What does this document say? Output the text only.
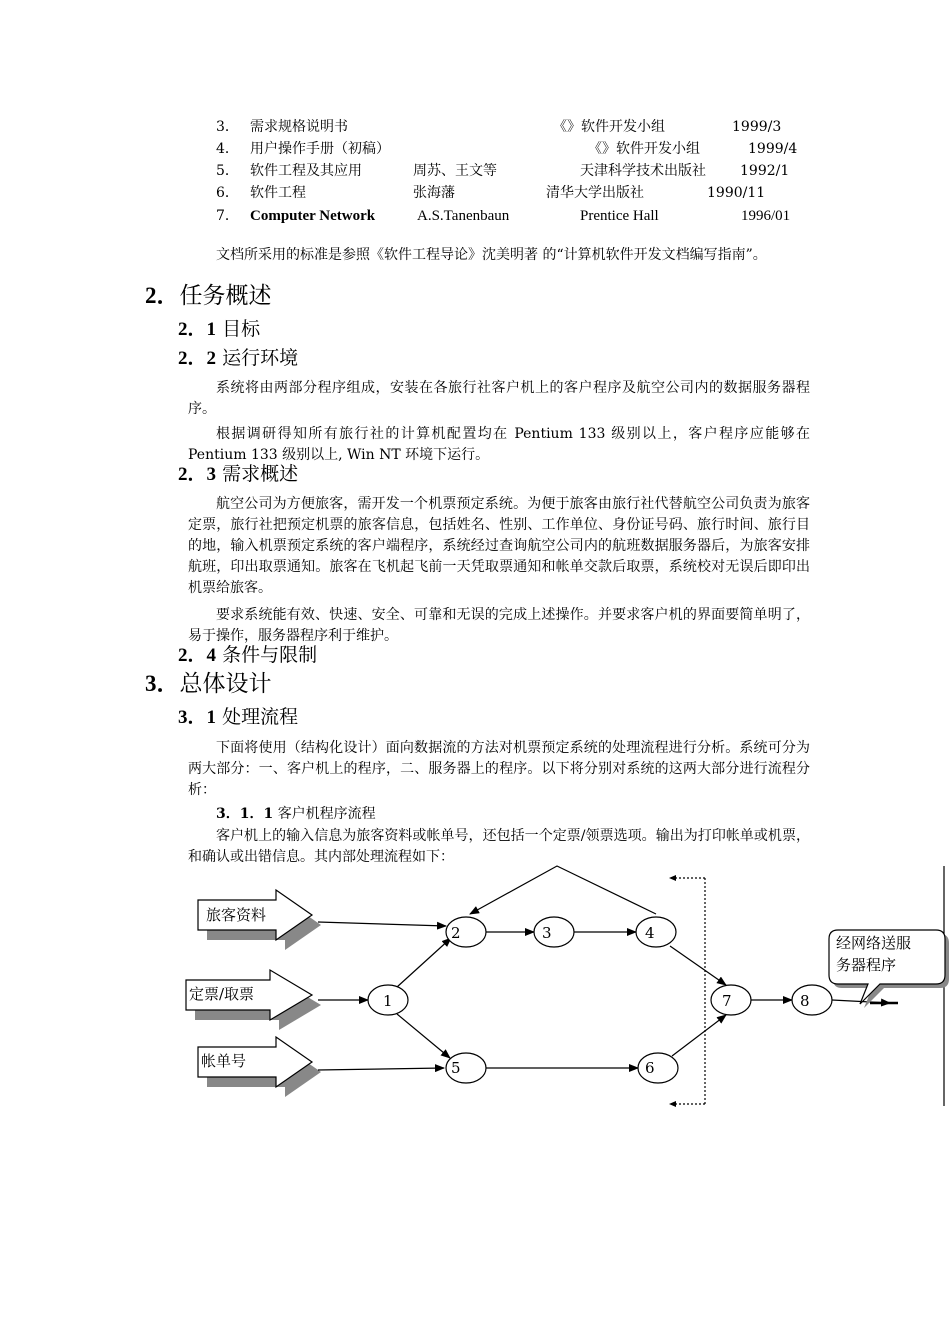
3． 需求规格说明书	《》软件开发小组	1999/3
4． 用户操作手册（初稿）	《》软件开发小组	1999/4
5． 软件工程及其应用	周苏、王文等	天津科学技术出版社 1992/1
6． 软件工程	张海藩	清华大学出版社	1990/11
7． Computer Network	A.S.Tanenbaun	Prentice Hall	1996/01
文档所采用的标准是参照《软件工程导论》沈美明著 的“计算机软件开发文档编写指南”。
2．任务概述
2．1 目标
2．2 运行环境
系统将由两部分程序组成，安装在各旅行社客户机上的客户程序及航空公司内的数据服务器程序。
根据调研得知所有旅行社的计算机配置均在 Pentium 133 级别以上，客户程序应能够在 Pentium 133 级别以上, Win NT 环境下运行。
2．3 需求概述
航空公司为方便旅客，需开发一个机票预定系统。为便于旅客由旅行社代替航空公司负责为旅客定票，旅行社把预定机票的旅客信息，包括姓名、性别、工作单位、身份证号码、旅行时间、旅行目的地，输入机票预定系统的客户端程序，系统经过查询航空公司内的航班数据服务器后，为旅客安排航班，印出取票通知。旅客在飞机起飞前一天凭取票通知和帐单交款后取票，系统校对无误后即印出机票给旅客。
要求系统能有效、快速、安全、可靠和无误的完成上述操作。并要求客户机的界面要简单明了，易于操作，服务器程序利于维护。
2．4 条件与限制
3．总体设计
3．1 处理流程
下面将使用（结构化设计）面向数据流的方法对机票预定系统的处理流程进行分析。系统可分为两大部分：一、客户机上的程序，二、服务器上的程序。以下将分别对系统的这两大部分进行流程分析：
3．1．1 客户机程序流程
客户机上的输入信息为旅客资料或帐单号，还包括一个定票/领票选项。输出为打印帐单或机票，和确认或出错信息。其内部处理流程如下：
旅客资料
定票/取票
帐单号
1
2	3	4
5	6
7	8
经网络送服
务器程序
